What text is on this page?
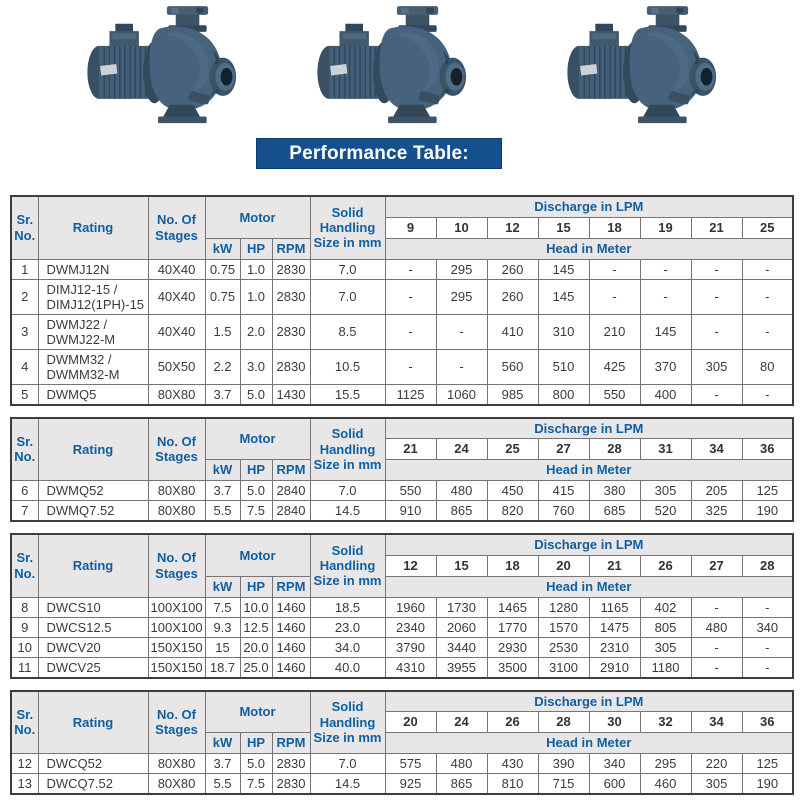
Performance Table:
Sr. No.	Rating	No. Of Stages	Motor			Solid Handling Size in mm	Discharge in LPM							
							9	10	12	15	18	19	21	25
			kW	HP	RPM		Head in Meter							
1	DWMJ12N	40X40	0.75	1.0	2830	7.0	-	295	260	145	-	-	-	-
2	DIMJ12-15 / DIMJ12(1PH)-15	40X40	0.75	1.0	2830	7.0	-	295	260	145	-	-	-	-
3	DWMJ22 / DWMJ22-M	40X40	1.5	2.0	2830	8.5	-	-	410	310	210	145	-	-
4	DWMM32 / DWMM32-M	50X50	2.2	3.0	2830	10.5	-	-	560	510	425	370	305	80
5	DWMQ5	80X80	3.7	5.0	1430	15.5	1125	1060	985	800	550	400	-	-
Sr. No.	Rating	No. Of Stages	Motor			Solid Handling Size in mm	Discharge in LPM							
							21	24	25	27	28	31	34	36
			kW	HP	RPM		Head in Meter							
6	DWMQ52	80X80	3.7	5.0	2840	7.0	550	480	450	415	380	305	205	125
7	DWMQ7.52	80X80	5.5	7.5	2840	14.5	910	865	820	760	685	520	325	190
Sr. No.	Rating	No. Of Stages	Motor			Solid Handling Size in mm	Discharge in LPM							
							12	15	18	20	21	26	27	28
			kW	HP	RPM		Head in Meter							
8	DWCS10	100X100	7.5	10.0	1460	18.5	1960	1730	1465	1280	1165	402	-	-
9	DWCS12.5	100X100	9.3	12.5	1460	23.0	2340	2060	1770	1570	1475	805	480	340
10	DWCV20	150X150	15	20.0	1460	34.0	3790	3440	2930	2530	2310	305	-	-
11	DWCV25	150X150	18.7	25.0	1460	40.0	4310	3955	3500	3100	2910	1180	-	-
Sr. No.	Rating	No. Of Stages	Motor			Solid Handling Size in mm	Discharge in LPM							
							20	24	26	28	30	32	34	36
			kW	HP	RPM		Head in Meter							
12	DWCQ52	80X80	3.7	5.0	2830	7.0	575	480	430	390	340	295	220	125
13	DWCQ7.52	80X80	5.5	7.5	2830	14.5	925	865	810	715	600	460	305	190
